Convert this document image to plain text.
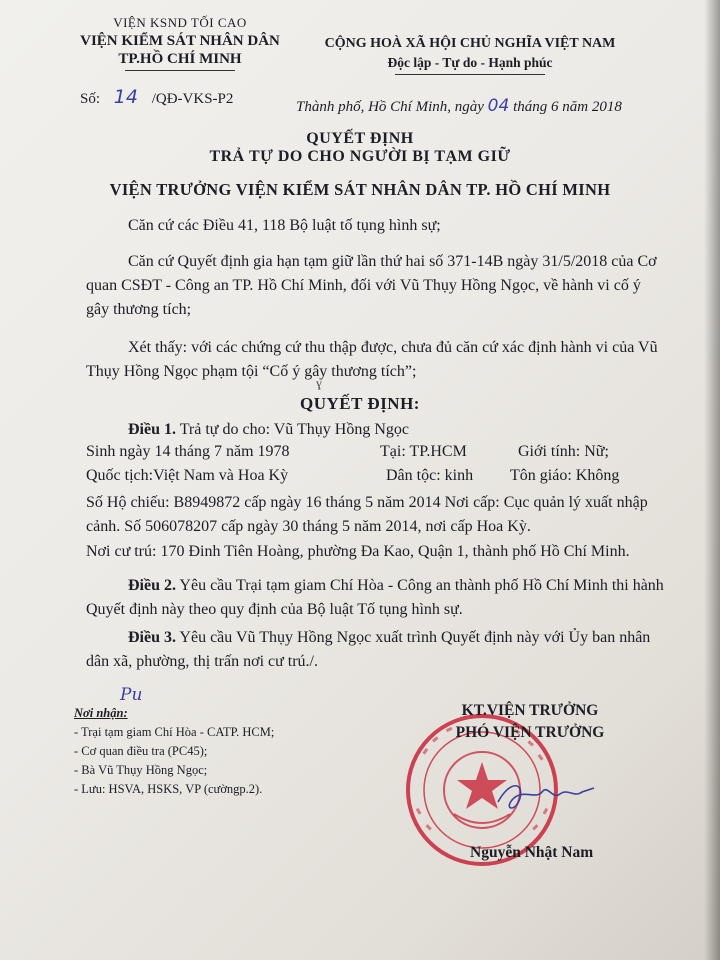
VIỆN KSND TỐI CAO
VIỆN KIỂM SÁT NHÂN DÂN
TP.HỒ CHÍ MINH
CỘNG HOÀ XÃ HỘI CHỦ NGHĨA VIỆT NAM
Độc lập - Tự do - Hạnh phúc
Số: 14 /QĐ-VKS-P2	Thành phố, Hồ Chí Minh, ngày 04 tháng 6 năm 2018
QUYẾT ĐỊNH
TRẢ TỰ DO CHO NGƯỜI BỊ TẠM GIỮ
VIỆN TRƯỞNG VIỆN KIỂM SÁT NHÂN DÂN TP. HỒ CHÍ MINH

Căn cứ các Điều 41, 118 Bộ luật tố tụng hình sự;

Căn cứ Quyết định gia hạn tạm giữ lần thứ hai số 371-14B ngày 31/5/2018 của Cơ quan CSĐT - Công an TP. Hồ Chí Minh, đối với Vũ Thụy Hồng Ngọc, về hành vi cố ý gây thương tích;

Xét thấy: với các chứng cứ thu thập được, chưa đủ căn cứ xác định hành vi của Vũ Thụy Hồng Ngọc phạm tội “Cố ý gây thương tích”;

ɣ
QUYẾT ĐỊNH:

Điều 1. Trả tự do cho: Vũ Thụy Hồng Ngọc

Sinh ngày 14 tháng 7 năm 1978	Tại: TP.HCM	Giới tính: Nữ;
Quốc tịch:Việt Nam và Hoa Kỳ	Dân tộc: kinh Tôn giáo: Không

Số Hộ chiếu: B8949872 cấp ngày 16 tháng 5 năm 2014 Nơi cấp: Cục quản lý xuất nhập cảnh. Số 506078207 cấp ngày 30 tháng 5 năm 2014, nơi cấp Hoa Kỳ.

Nơi cư trú: 170 Đinh Tiên Hoàng, phường Đa Kao, Quận 1, thành phố Hồ Chí Minh.

Điều 2. Yêu cầu Trại tạm giam Chí Hòa - Công an thành phố Hồ Chí Minh thi hành Quyết định này theo quy định của Bộ luật Tố tụng hình sự.

Điều 3. Yêu cầu Vũ Thụy Hồng Ngọc xuất trình Quyết định này với Ủy ban nhân dân xã, phường, thị trấn nơi cư trú./.

Pu
Nơi nhận:
- Trại tạm giam Chí Hòa - CATP. HCM;
- Cơ quan điều tra (PC45);
- Bà Vũ Thụy Hồng Ngọc;
- Lưu: HSVA, HSKS, VP (cườngp.2).
KT.VIỆN TRƯỞNG
PHÓ VIỆN TRƯỞNG
Nguyễn Nhật Nam
